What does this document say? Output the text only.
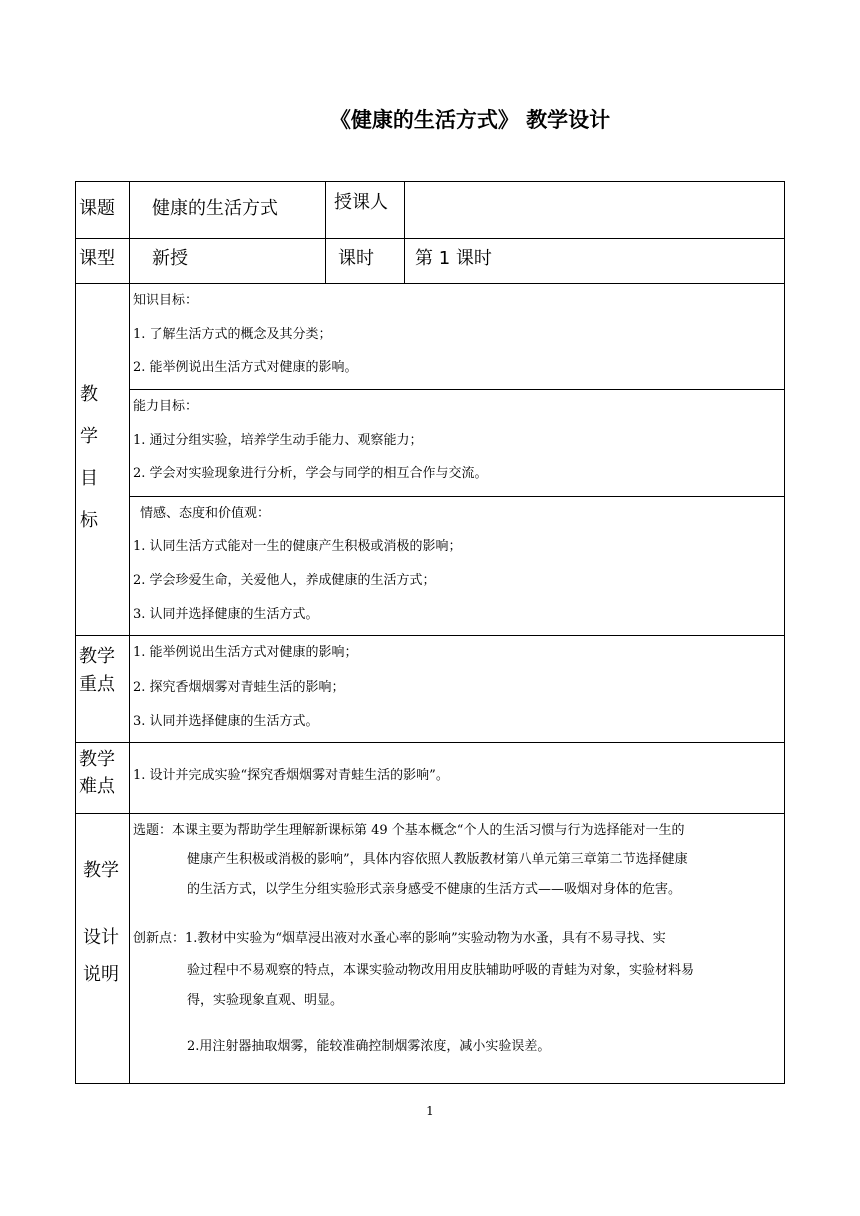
《健康的生活方式》 教学设计
课题 健康的生活方式	授课人
课型 新授	课时 第 1 课时
教
学
目
标
知识目标：
1. 了解生活方式的概念及其分类；
2. 能举例说出生活方式对健康的影响。
能力目标：
1. 通过分组实验，培养学生动手能力、观察能力；
2. 学会对实验现象进行分析，学会与同学的相互合作与交流。
情感、态度和价值观：
1. 认同生活方式能对一生的健康产生积极或消极的影响；
2. 学会珍爱生命，关爱他人，养成健康的生活方式；
3. 认同并选择健康的生活方式。
教学
重点
1. 能举例说出生活方式对健康的影响；
2. 探究香烟烟雾对青蛙生活的影响；
3. 认同并选择健康的生活方式。
教学
难点
1. 设计并完成实验“探究香烟烟雾对青蛙生活的影响”。
教学
设计
说明
选题：本课主要为帮助学生理解新课标第 49 个基本概念“个人的生活习惯与行为选择能对一生的
健康产生积极或消极的影响”，具体内容依照人教版教材第八单元第三章第二节选择健康
的生活方式，以学生分组实验形式亲身感受不健康的生活方式——吸烟对身体的危害。
创新点：1.教材中实验为“烟草浸出液对水蚤心率的影响”实验动物为水蚤，具有不易寻找、实
验过程中不易观察的特点，本课实验动物改用用皮肤辅助呼吸的青蛙为对象，实验材料易
得，实验现象直观、明显。
2.用注射器抽取烟雾，能较准确控制烟雾浓度，减小实验误差。
1
